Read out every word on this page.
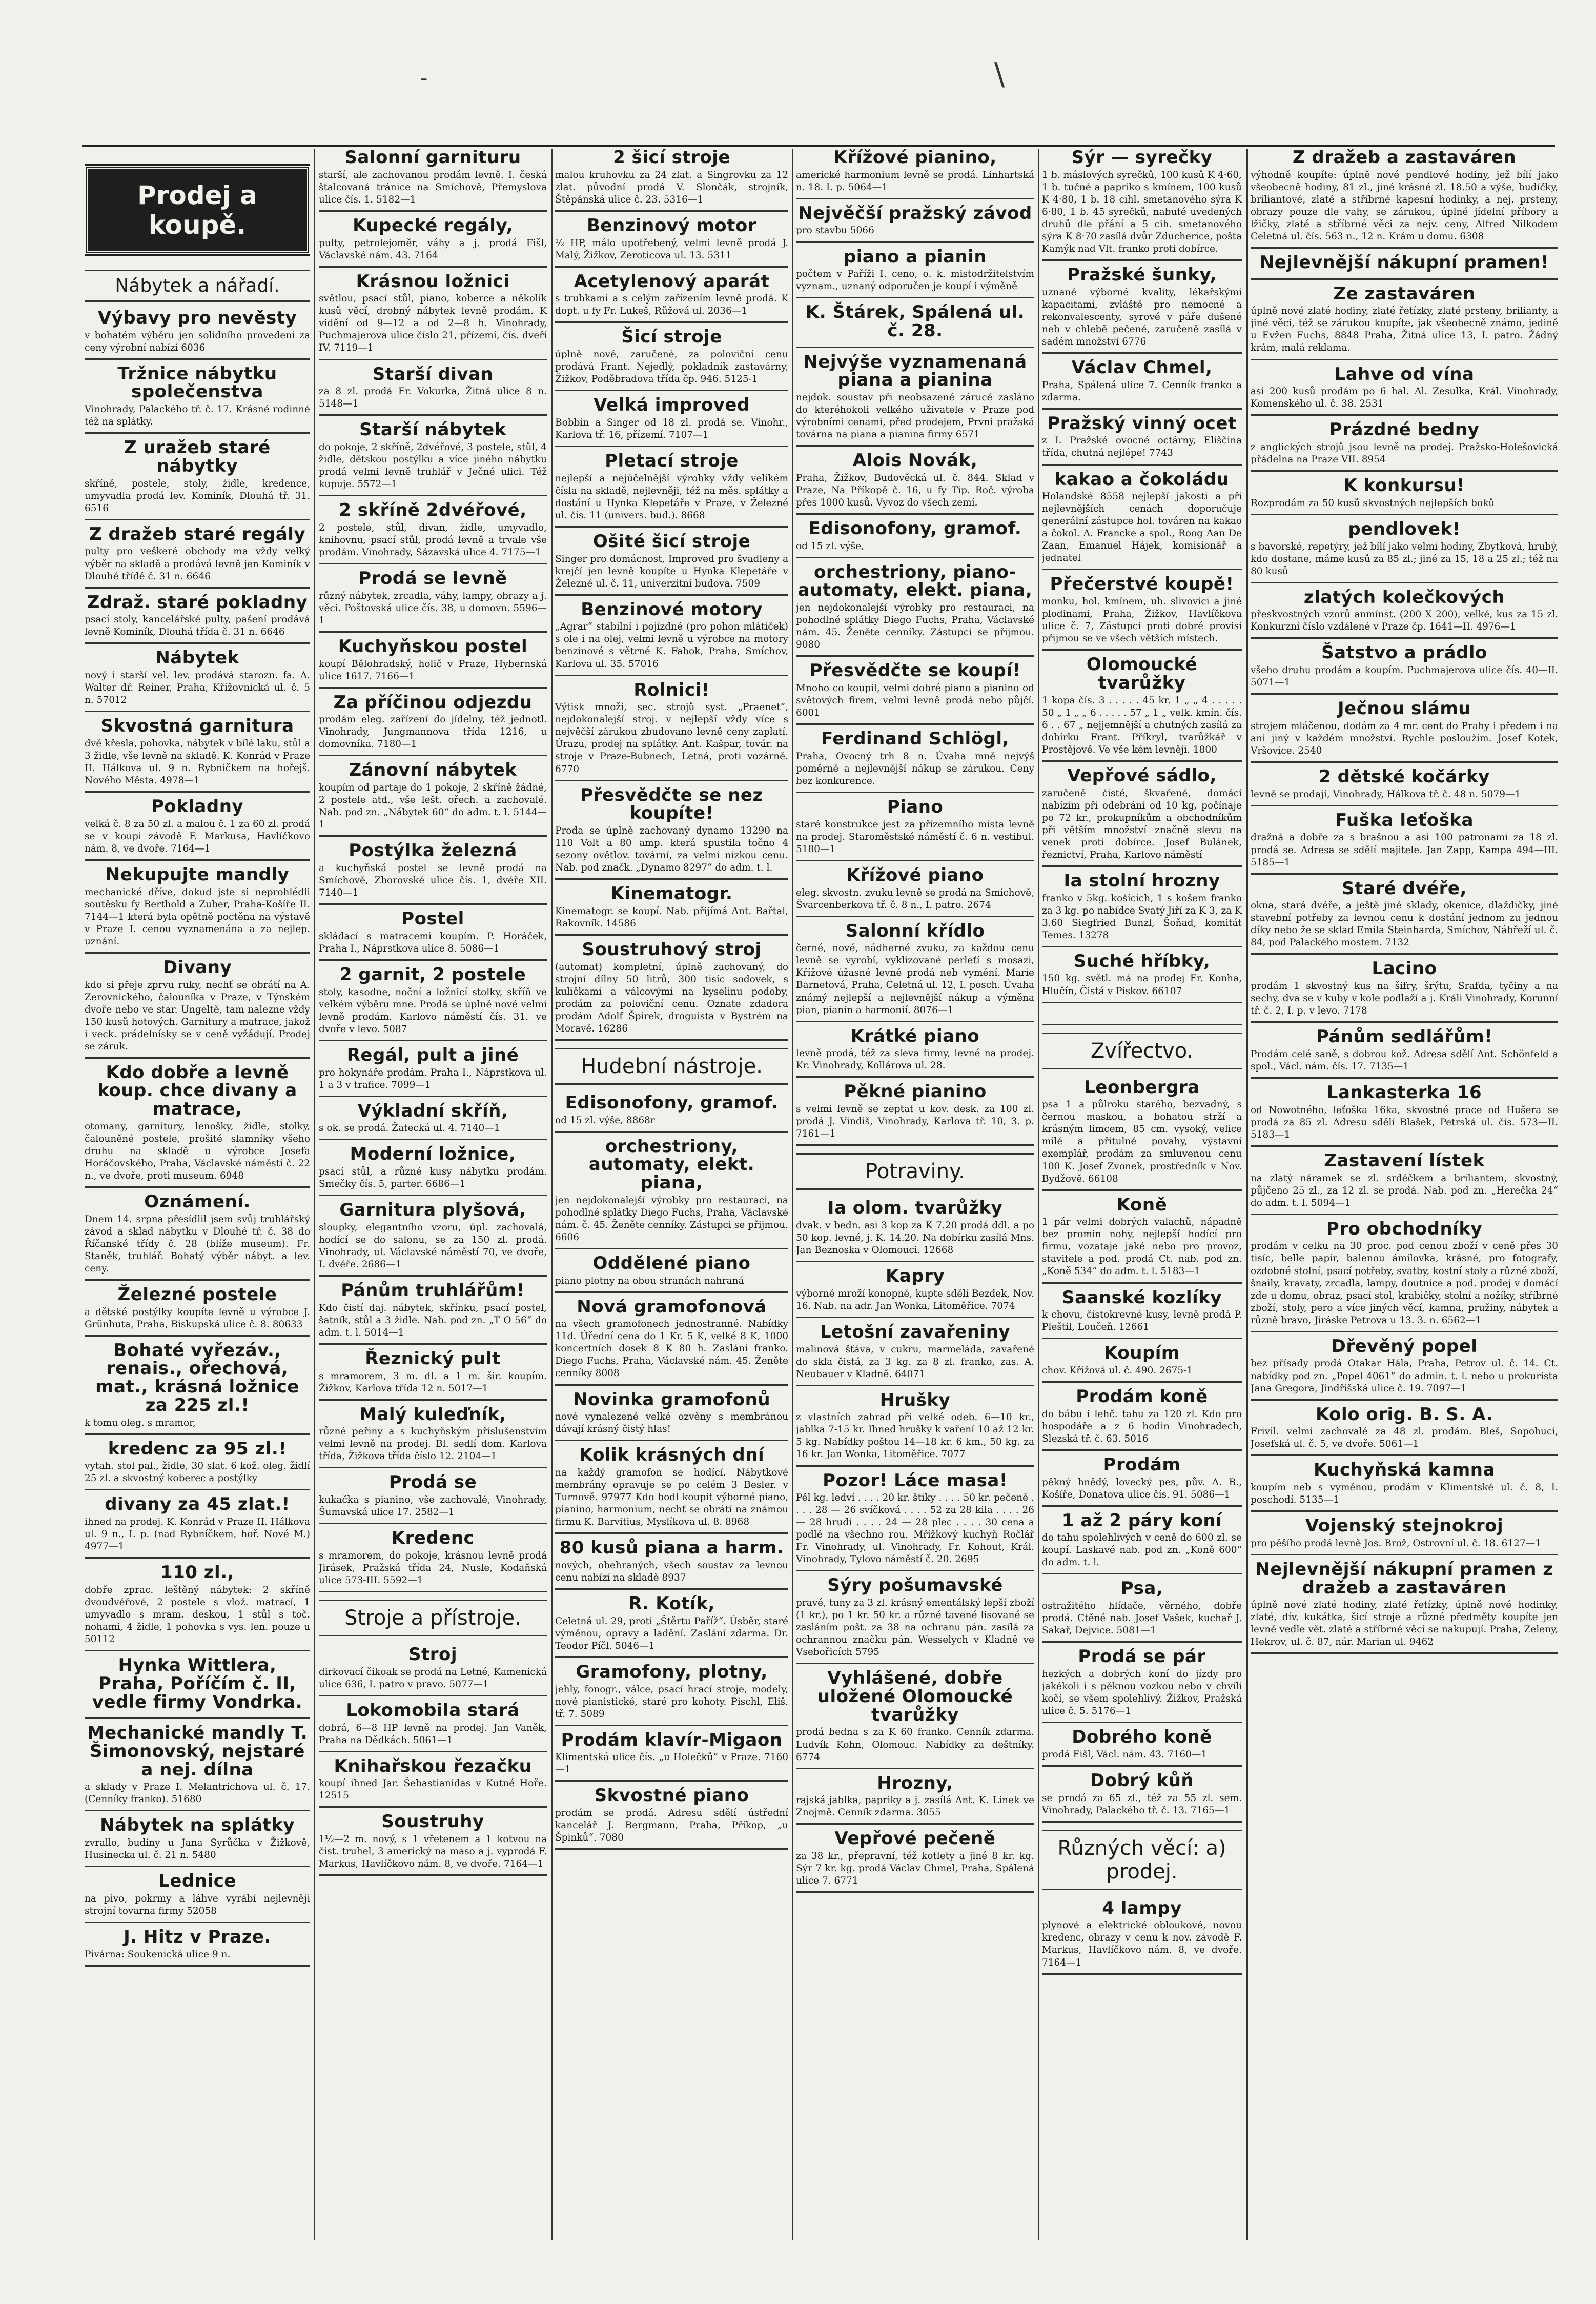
-	\
Prodej a koupě.
Nábytek a nářadí.
Výbavy pro nevěsty

v bohatém výběru jen solidního provedení za ceny výrobní nabízí 6036

Tržnice nábytku společenstva

Vinohrady, Palackého tř. č. 17. Krásné rodinné též na splátky.

Z uražeb staré nábytky

skříně, postele, stoly, židle, kredence, umyvadla prodá lev. Kominík, Dlouhá tř. 31. 6516

Z dražeb staré regály

pulty pro veškeré obchody ma vždy velký výběr na skladě a prodává levně jen Kominík v Dlouhé třídě č. 31 n. 6646

Zdraž. staré pokladny

psací stoly, kancelářské pulty, pašení prodává levně Kominík, Dlouhá třída č. 31 n. 6646

Nábytek

nový i starší vel. lev. prodává starozn. fa. A. Walter dř. Reiner, Praha, Křížovnická ul. č. 5 n. 57012

Skvostná garnitura

dvě křesla, pohovka, nábytek v bílé laku, stůl a 3 židle, vše levně na skladě. K. Konrád v Praze II. Hálkova ul. 9 n. Rybničkem na hořejš. Nového Města. 4978—1

Pokladny

velká č. 8 za 50 zl. a malou č. 1 za 60 zl. prodá se v koupi závodě F. Markusa, Havlíčkovo nám. 8, ve dvoře. 7164—1

Nekupujte mandly

mechanické dříve, dokud jste si neprohlédli soutěsku fy Berthold a Zuber, Praha-Košíře II. 7144—1 která byla opětně poctěna na výstavě v Praze I. cenou vyznamenána a za nejlep. uznání.

Divany

kdo si přeje zprvu ruky, nechť se obrátí na A. Zerovnického, čalouníka v Praze, v Týnském dvoře nebo ve star. Ungeltě, tam nalezne vždy 150 kusů hotových. Garnitury a matrace, jakož i veck. prádelnísky se v ceně vyžádují. Prodej se záruk.

Kdo dobře a levně koup. chce divany a matrace,

otomany, garnitury, lenošky, židle, stolky, čalouněné postele, prošité slamníky všeho druhu na skladě u výrobce Josefa Horáčovského, Praha, Václavské náměstí č. 22 n., ve dvoře, proti museum. 6948

Oznámení.

Dnem 14. srpna přesídlil jsem svůj truhlářský závod a sklad nábytku v Dlouhé tř. č. 38 do Říčanské třídy č. 28 (blíže museum). Fr. Staněk, truhlář. Bohatý výběr nábyt. a lev. ceny.

Železné postele

a dětské postýlky koupíte levně u výrobce J. Grünhuta, Praha, Biskupská ulice č. 8. 80633

Bohaté vyřezáv., renais., ořechová, mat., krásná ložnice za 225 zl.!

k tomu oleg. s mramor,

kredenc za 95 zl.!

vytah. stol pal., židle, 30 slat. 6 kož. oleg. židlí 25 zl. a skvostný koberec a postýlky

divany za 45 zlat.!

ihned na prodej. K. Konrád v Praze II. Hálkova ul. 9 n., I. p. (nad Rybníčkem, hoř. Nové M.) 4977—1

110 zl.,

dobře zprac. leštěný nábytek: 2 skříně dvoudvéřové, 2 postele s vlož. matrací, 1 umyvadlo s mram. deskou, 1 stůl s toč. nohami, 4 židle, 1 pohovka s vys. len. pouze u 50112

Hynka Wittlera, Praha, Poříčím č. II, vedle firmy Vondrka.
Mechanické mandly T. Šimonovský, nejstaré a nej. dílna

a sklady v Praze I. Melantrichova ul. č. 17. (Cenníky franko). 51680

Nábytek na splátky

zvrallo, budíny u Jana Syrůčka v Žižkově, Husinecka ul. č. 21 n. 5480

Lednice

na pivo, pokrmy a láhve vyrábí nejlevněji strojní tovarna firmy 52058

J. Hitz v Praze.

Pivárna: Soukenická ulice 9 n.

Salonní garnituru

starší, ale zachovanou prodám levně. I. česká štalcovaná tránice na Smíchově, Přemyslova ulice čís. 1. 5182—1

Kupecké regály,

pulty, petrolejoměr, váhy a j. prodá Fišl, Václavské nám. 43. 7164

Krásnou ložnici

světlou, psací stůl, piano, koberce a několik kusů věcí, drobný nábytek levně prodám. K vidění od 9—12 a od 2—8 h. Vinohrady, Puchmajerova ulice číslo 21, přízemí, čís. dveří IV. 7119—1

Starší divan

za 8 zl. prodá Fr. Vokurka, Žitná ulice 8 n. 5148—1

Starší nábytek

do pokoje, 2 skříně, 2dvéřové, 3 postele, stůl, 4 židle, dětskou postýlku a více jiného nábytku prodá velmi levně truhlář v Ječné ulici. Též kupuje. 5572—1

2 skříně 2dvéřové,

2 postele, stůl, divan, židle, umyvadlo, knihovnu, psací stůl, prodá levně a trvale vše prodám. Vinohrady, Sázavská ulice 4. 7175—1

Prodá se levně

různý nábytek, zrcadla, váhy, lampy, obrazy a j. věci. Poštovská ulice čís. 38, u domovn. 5596—1

Kuchyňskou postel

koupí Bělohradský, holič v Praze, Hybernská ulice 1617. 7166—1

Za příčinou odjezdu

prodám eleg. zařízení do jídelny, též jednotl. Vinohrady, Jungmannova třída 1216, u domovníka. 7180—1

Zánovní nábytek

koupím od partaje do 1 pokoje, 2 skříně žádné, 2 postele atd., vše lešt. ořech. a zachovalé. Nab. pod zn. „Nábytek 60“ do adm. t. l. 5144—1

Postýlka železná

a kuchyňská postel se levně prodá na Smíchově, Zborovské ulice čís. 1, dvéře XII. 7140—1

Postel

skládací s matracemi koupím. P. Horáček, Praha I., Náprstkova ulice 8. 5086—1

2 garnit, 2 postele

stoly, kasodne, noční a ložnicí stolky, skříň ve velkém výběru mne. Prodá se úplně nové velmi levně prodám. Karlovo náměstí čís. 31. ve dvoře v levo. 5087

Regál, pult a jiné

pro hokynáře prodám. Praha I., Náprstkova ul. 1 a 3 v trafice. 7099—1

Výkladní skříň,

s ok. se prodá. Žatecká ul. 4. 7140—1

Moderní ložnice,

psací stůl, a různé kusy nábytku prodám. Smečky čís. 5, parter. 6686—1

Garnitura plyšová,

sloupky, elegantního vzoru, úpl. zachovalá, hodící se do salonu, se za 150 zl. prodá. Vinohrady, ul. Václavské náměstí 70, ve dvoře, I. dvéře. 2686—1

Pánům truhlářům!

Kdo čistí daj. nábytek, skřínku, psací postel, šatník, stůl a 3 židle. Nab. pod zn. „T O 56“ do adm. t. l. 5014—1

Řeznický pult

s mramorem, 3 m. dl. a 1 m. šir. koupím. Žižkov, Karlova třída 12 n. 5017—1

Malý kuleďník,

různé peřiny a s kuchyňským příslušenstvím velmi levně na prodej. Bl. sedlí dom. Karlova třída, Žižkova třída číslo 12. 2104—1

Prodá se

kukačka s pianino, vše zachovalé, Vinohrady, Šumavská ulice 17. 2582—1

Kredenc

s mramorem, do pokoje, krásnou levně prodá Jirásek, Pražská třída 24, Nusle, Kodaňská ulice 573-III. 5592—1

Stroje a přístroje.
Stroj

dirkovací čikoak se prodá na Letné, Kamenická ulice 636, I. patro v pravo. 5077—1

Lokomobila stará

dobrá, 6—8 HP levně na prodej. Jan Vaněk, Praha na Dědkách. 5061—1

Knihařskou řezačku

koupí ihned Jar. Šebastianidas v Kutné Hoře. 12515

Soustruhy

1½—2 m. nový, s 1 vřetenem a 1 kotvou na čist. truhel, 3 americký na maso a j. vyprodá F. Markus, Havlíčkovo nám. 8, ve dvoře. 7164—1

2 šicí stroje

malou kruhovku za 24 zlat. a Singrovku za 12 zlat. původní prodá V. Slončák, strojník, Štěpánská ulice č. 23. 5316—1

Benzinový motor

½ HP, málo upotřebený, velmi levně prodá J. Malý, Žižkov, Zeroticova ul. 13. 5311

Acetylenový aparát

s trubkami a s celým zařízením levně prodá. K dopt. u fy Fr. Lukeš, Růžová ul. 2036—1

Šicí stroje

úplně nové, zaručené, za poloviční cenu prodává Frant. Nejedlý, pokladník zastavárny, Žižkov, Poděbradova třída čp. 946. 5125-1

Velká improved

Bobbin a Singer od 18 zl. prodá se. Vinohr., Karlova tř. 16, přízemí. 7107—1

Pletací stroje

nejlepší a nejúčelnější výrobky vždy velikém čísla na skladě, nejlevněji, též na měs. splátky a dostání u Hynka Klepetáře v Praze, v Železné ul. čís. 11 (univers. bud.). 8668

Ošité šicí stroje

Singer pro domácnost, Improved pro švadleny a krejčí jen levně koupíte u Hynka Klepetáře v Železné ul. č. 11, univerzitní budova. 7509

Benzinové motory

„Agrar“ stabilní i pojízdné (pro pohon mlátiček) s ole i na olej, velmi levně u výrobce na motory benzinové s větrné K. Fabok, Praha, Smíchov, Karlova ul. 35. 57016

Rolnici!

Výtisk množi, sec. strojů syst. „Praenet“, nejdokonalejší stroj. v nejlepší vždy více s nejvěčší zárukou zbudovano levně ceny zaplatí. Úrazu, prodej na splátky. Ant. Kašpar, továr. na stroje v Praze-Bubnech, Letná, proti vozárně. 6770

Přesvědčte se nez koupíte!

Proda se úplně zachovaný dynamo 13290 na 110 Volt a 80 amp. která spustila točno 4 sezony ovětlov. tovární, za velmi nízkou cenu. Nab. pod značk. „Dynamo 8297“ do adm. t. l.

Kinematogr.

Kinematogr. se koupí. Nab. přijímá Ant. Bařtal, Rakovník. 14586

Soustruhový stroj

(automat) kompletní, úplně zachovaný, do strojní dílny 50 litrů, 300 tisíc sodovek, s kuličkami a válcovými na kyselinu podoby, prodám za poloviční cenu. Oznate zdadora prodám Adolf Špirek, droguista v Bystrém na Moravě. 16286

Hudební nástroje.
Edisonofony, gramof.

od 15 zl. výše, 8868r

orchestriony, automaty, elekt. piana,

jen nejdokonalejší výrobky pro restauraci, na pohodlné splátky Diego Fuchs, Praha, Václavské nám. č. 45. Ženěte cenníky. Zástupci se přijmou. 6606

Oddělené piano

piano plotny na obou stranách nahraná

Nová gramofonová

na všech gramofonech jednostranné. Nabídky 11d. Úřední cena do 1 Kr. 5 K, velké 8 K, 1000 koncertních dosek 8 K 80 h. Zaslání franko. Diego Fuchs, Praha, Václavské nám. 45. Ženěte cenníky 8008

Novinka gramofonů

nové vynalezené velké ozvěny s membránou dávají krásný čistý hlas!

Kolik krásných dní

na každý gramofon se hodící. Nábytkové membrány opravuje se po celém 3 Besler. v Turnově. 97977 Kdo bodl koupit výborné piano, pianino, harmonium, nechť se obrátí na známou firmu K. Barvitius, Myslíkova ul. 8. 8968

80 kusů piana a harm.

nových, obehraných, všech soustav za levnou cenu nabízí na skladě 8937

R. Kotík,

Celetná ul. 29, proti „Štěrtu Paříž“. Úsběr, staré výměnou, opravy a ladění. Zaslání zdarma. Dr. Teodor Píčl. 5046—1

Gramofony, plotny,

jehly, fonogr., válce, psací hrací stroje, modely, nové pianistické, staré pro kohoty. Pischl, Eliš. tř. 7. 5089

Prodám klavír-Migaon

Klimentská ulice čís. „u Holečků“ v Praze. 7160—1

Skvostné piano

prodám se prodá. Adresu sdělí ústřední kancelář J. Bergmann, Praha, Příkop, „u Špinků“. 7080

Křížové pianino,

americké harmonium levně se prodá. Linhartská n. 18. I. p. 5064—1

Nejvěčší pražský závod

pro stavbu 5066

piano a pianin

počtem v Paříži I. ceno, o. k. mistodržitelstvím vyznam., uznaný odporučen je koupí i výměně

K. Štárek, Spálená ul. č. 28.
Nejvýše vyznamenaná piana a pianina

nejdok. soustav při neobsazené zárucé zasláno do kteréhokoli velkého uživatele v Praze pod výrobními cenami, před prodejem, Prvni pražská továrna na piana a pianina firmy 6571

Alois Novák,

Praha, Žižkov, Budověcká ul. č. 844. Sklad v Praze, Na Příkopě č. 16, u fy Tip. Roč. výroba přes 1000 kusů. Vyvoz do všech zemí.

Edisonofony, gramof.

od 15 zl. výše,

orchestriony, piano-automaty, elekt. piana,

jen nejdokonalejší výrobky pro restauraci, na pohodlné splátky Diego Fuchs, Praha, Václavské nám. 45. Ženěte cenníky. Zástupci se přijmou. 9080

Přesvědčte se koupí!

Mnoho co koupil, velmi dobré piano a pianino od světových firem, velmi levně prodá nebo půjčí. 6001

Ferdinand Schlögl,

Praha, Ovocný trh 8 n. Úvaha mně nejvýš poměrně a nejlevnější nákup se zárukou. Ceny bez konkurence.

Piano

staré konstrukce jest za přízemního místa levně na prodej. Staroměstské náměstí č. 6 n. vestibul. 5180—1

Křížové piano

eleg. skvostn. zvuku levně se prodá na Smíchově, Švarcenberkova tř. č. 8 n., I. patro. 2674

Salonní křídlo

černé, nové, nádherné zvuku, za každou cenu levně se vyrobí, vyklizované perleťí s mosazi, Křížové úžasné levně prodá neb vymění. Marie Barnetová, Praha, Celetná ul. 12, I. posch. Úvaha známý nejlepší a nejlevnější nákup a výměna pian, pianin a harmonií. 8076—1

Krátké piano

levně prodá, též za sleva firmy, levné na prodej. Kr. Vinohrady, Kollárova ul. 28.

Pěkné pianino

s velmi levně se zeptat u kov. desk. za 100 zl. prodá J. Vindiš, Vinohrady, Karlova tř. 10, 3. p. 7161—1

Potraviny.
Ia olom. tvarůžky

dvak. v bedn. asi 3 kop za K 7.20 prodá ddl. a po 50 kop. levné, j. K. 14.20. Na dobírku zasílá Mns. Jan Beznoska v Olomouci. 12668

Kapry

výborné mroží konopné, kupte sdělí Bezdek, Nov. 16. Nab. na adr. Jan Wonka, Litoměřice. 7074

Letošní zavařeniny

malinová šťáva, v cukru, marmeláda, zavařené do skla čistá, za 3 kg. za 8 zl. franko, zas. A. Neubauer v Kladně. 64071

Hrušky

z vlastních zahrad při velké odeb. 6—10 kr., jablka 7-15 kr. Ihned hrušky k vaření 10 až 12 kr. 5 kg. Nabídky poštou 14—18 kr. 6 km., 50 kg. za 16 kr. Jan Wonka, Litoměřice. 7077

Pozor! Láce masa!

Pěl kg. ledví . . . . 20 kr. štiky . . . . 50 kr. pečeně . . . . 28 — 26 svíčková . . . . 52 za 28 kila . . . . 26 — 28 hrudí . . . . 24 — 28 plec . . . . 30 cena a podlé na všechno rou. Mřížkový kuchyň Ročlář Fr. Vinohrady, ul. Vinohrady, Fr. Kohout, Král. Vinohrady, Tylovo náměstí č. 20. 2695

Sýry pošumavské

pravé, tuny za 3 zl. krásný ementálský lepší zboží (1 kr.), po 1 kr. 50 kr. a různé tavené lisované se zasláním pošt. za 38 na ochranu pán. zasílá za ochrannou značku pán. Wesselych v Kladně ve Vsebořicích 5795

Vyhlášené, dobře uložené Olomoucké tvarůžky

prodá bedna s za K 60 franko. Cenník zdarma. Ludvík Kohn, Olomouc. Nabídky za deštníky. 6774

Hrozny,

rajská jablka, papriky a j. zasílá Ant. K. Linek ve Znojmě. Cenník zdarma. 3055

Vepřové pečeně

za 38 kr., přepravní, též kotlety a jiné 8 kr. kg. Sýr 7 kr. kg. prodá Václav Chmel, Praha, Spálená ulice 7. 6771

Sýr — syrečky

1 b. máslových syrečků, 100 kusů K 4·60, 1 b. tučné a papriko s kmínem, 100 kusů K 4·80, 1 b. 18 cihl. smetanového sýra K 6·80, 1 b. 45 syrečků, nabuté uvedených druhů dle přání a 5 cih. smetanového sýra K 8·70 zasílá dvůr Zducherice, pošta Kamýk nad Vlt. franko proti dobírce.

Pražské šunky,

uznané výborné kvality, lékařskými kapacitami, zvláště pro nemocné a rekonvalescenty, syrové v páře dušené neb v chlebě pečené, zaručeně zasílá v sadém množství 6776

Václav Chmel,

Praha, Spálená ulice 7. Cenník franko a zdarma.

Pražský vinný ocet

z I. Pražské ovocné octárny, Eliščina třída, chutná nejlépe! 7743

kakao a čokoládu

Holandské 8558 nejlepší jakosti a při nejlevnějších cenách doporučuje generální zástupce hol. továren na kakao a čokol. A. Francke a spol., Roog Aan De Zaan, Emanuel Hájek, komisionář a jednatel

Přečerstvé koupě!

monku, hol. kmínem, ub. slivovici a jiné plodinami, Praha, Žižkov, Havlíčkova ulice č. 7, Zástupci proti dobré provisi přijmou se ve všech větších místech.

Olomoucké tvarůžky

1 kopa čís. 3 . . . . . 45 kr. 1 „ „ 4 . . . . . 50 „ 1 „ „ 6 . . . . . 57 „ 1 „ velk. kmín. čís. 6 . . 67 „ nejjemnější a chutných zasílá za dobírku Frant. Příkryl, tvarůžkář v Prostějově. Ve vše kém levněji. 1800

Vepřové sádlo,

zaručeně čisté, škvařené, domácí nabízím při odebrání od 10 kg, počínaje po 72 kr., prokupníkům a obchodníkům při větším množství značně slevu na venek proti dobírce. Josef Bulánek, řeznictví, Praha, Karlovo náměstí

Ia stolní hrozny

franko v 5kg. košících, 1 s košem franko za 3 kg. po nabídce Svatý Jiří za K 3, za K 3.60 Siegfried Bunzl, Šoňad, komitát Temes. 13278

Suché hříbky,

150 kg. světl. má na prodej Fr. Konha, Hlučín, Čistá v Piskov. 66107

Zvířectvo.
Leonbergra

psa 1 a půlroku starého, bezvadný, s černou maskou, a bohatou strží a krásným limcem, 85 cm. vysoký, velice milé a přítulné povahy, výstavní exemplář, prodám za smluvenou cenu 100 K. Josef Zvonek, prostředník v Nov. Bydžově. 66108

Koně

1 pár velmi dobrých valachů, nápadně bez promin nohy, nejlepší hodící pro firmu, vozataje jaké nebo pro provoz, stavitele a pod. prodá Ct. nab. pod zn. „Koně 534“ do adm. t. l. 5183—1

Saanské kozlíky

k chovu, čistokrevné kusy, levně prodá P. Pleštil, Loučeň. 12661

Koupím

chov. Křížová ul. č. 490. 2675-1

Prodám koně

do bábu i lehč. tahu za 120 zl. Kdo pro hospodáře a z 6 hodin Vinohradech, Slezská tř. č. 63. 5016

Prodám

pěkný hnědý, lovecký pes, pův. A. B., Košíře, Donatova ulice čís. 91. 5086—1

1 až 2 páry koní

do tahu spolehlivých v ceně do 600 zl. se koupí. Laskavé nab. pod zn. „Koně 600“ do adm. t. l.

Psa,

ostražitého hlídače, věrného, dobře prodá. Ctěné nab. Josef Vašek, kuchař J. Sakař, Dejvice. 5081—1

Prodá se pár

hezkých a dobrých koní do jízdy pro jakékoli i s pěknou vozkou nebo v chvíli kočí, se všem spolehlivý. Žižkov, Pražská ulice č. 5. 5176—1

Dobrého koně

prodá Fišl, Václ. nám. 43. 7160—1

Dobrý kůň

se prodá za 65 zl., též za 55 zl. sem. Vinohrady, Palackého tř. č. 13. 7165—1

Různých věcí: a) prodej.
4 lampy

plynové a elektrické obloukové, novou kredenc, obrazy v cenu k nov. závodě F. Markus, Havlíčkovo nám. 8, ve dvoře. 7164—1

Z dražeb a zastaváren

výhodně koupíte: úplně nové pendlové hodiny, jež bílí jako všeobecně hodiny, 81 zl., jiné krásné zl. 18.50 a výše, budíčky, briliantové, zlaté a stříbrné kapesní hodinky, a nej. prsteny, obrazy pouze dle vahy, se zárukou, úplné jídelní příbory a lžičky, zlaté a stříbrné věci za nejv. ceny, Alfred Nilkodem Celetná ul. čís. 563 n., 12 n. Krám u domu. 6308

Nejlevnější nákupní pramen!
Ze zastaváren

úplně nové zlaté hodiny, zlaté řetízky, zlaté prsteny, brilianty, a jiné věci, též se zárukou koupíte, jak všeobecně známo, jedině u Evžen Fuchs, 8848 Praha, Žitná ulice 13, I. patro. Žádný krám, malá reklama.

Lahve od vína

asi 200 kusů prodám po 6 hal. Al. Zesulka, Král. Vinohrady, Komenského ul. č. 38. 2531

Prázdné bedny

z anglických strojů jsou levně na prodej. Pražsko-Holešovická přádelna na Praze VII. 8954

K konkursu!

Rozprodám za 50 kusů skvostných nejlepších boků

pendlovek!

s bavorské, repetýry, jež bílí jako velmi hodiny, Zbytková, hrubý, kdo dostane, máme kusů za 85 zl.; jiné za 15, 18 a 25 zl.; též na 80 kusů

zlatých kolečkových

přeskvostných vzorů anmínst. (200 X 200), velké, kus za 15 zl. Konkurzní číslo vzdálené v Praze čp. 1641—II. 4976—1

Šatstvo a prádlo

všeho druhu prodám a koupím. Puchmajerova ulice čís. 40—II. 5071—1

Ječnou slámu

strojem mláčenou, dodám za 4 mr. cent do Prahy i předem i na ani jiný v každém množství. Rychle posloužím. Josef Kotek, Vršovice. 2540

2 dětské kočárky

levně se prodají, Vinohrady, Hálkova tř. č. 48 n. 5079—1

Fuška leťoška

dražná a dobře za s brašnou a asi 100 patronami za 18 zl. prodá se. Adresa se sdělí majitele. Jan Zapp, Kampa 494—III. 5185—1

Staré dvéře,

okna, stará dvéře, a ještě jiné sklady, okenice, dlaždičky, jiné stavební potřeby za levnou cenu k dostání jednom zu jednou díky nebo že se sklad Emila Steinharda, Smíchov, Nábřeží ul. č. 84, pod Palackého mostem. 7132

Lacino

prodám 1 skvostný kus na šifry, šrýtu, Srafda, tyčiny a na sechy, dva se v kuby v kole podlaží a j. Králi Vinohrady, Korunní tř. č. 2, I. p. v levo. 7178

Pánům sedlářům!

Prodám celé saně, s dobrou kož. Adresa sdělí Ant. Schönfeld a spol., Václ. nám. čís. 17. 7135—1

Lankasterka 16

od Nowotného, leťoška 16ka, skvostné prace od Hušera se prodá za 85 zl. Adresu sdělí Blašek, Petrská ul. čís. 573—II. 5183—1

Zastavení lístek

na zlatý náramek se zl. srdéčkem a briliantem, skvostný, půjčeno 25 zl., za 12 zl. se prodá. Nab. pod zn. „Herečka 24“ do adm. t. l. 5094—1

Pro obchodníky

prodám v celku na 30 proc. pod cenou zboží v ceně přes 30 tisíc, belle papír, balenou ámílovka, krásné, pro fotografy, ozdobné stolní, psací potřeby, svatby, kostní stoly a různé zboží, šnaily, kravaty, zrcadla, lampy, doutnice a pod. prodej v domácí zde u domu, obraz, psací stol, krabičky, stolní a nožíky, stříbrné zboží, stoly, pero a více jiných věcí, kamna, pružiny, nábytek a různě bravo, Jiráske Petrova u 13. 3. n. 6562—1

Dřevěný popel

bez přísady prodá Otakar Hála, Praha, Petrov ul. č. 14. Ct. nabídky pod zn. „Popel 4061“ do admin. t. l. nebo u prokurista Jana Gregora, Jindřišská ulice č. 19. 7097—1

Kolo orig. B. S. A.

Frivil. velmi zachovalé za 48 zl. prodám. Bleš, Sopohuci, Josefská ul. č. 5, ve dvoře. 5061—1

Kuchyňská kamna

koupím neb s vyměnou, prodám v Klimentské ul. č. 8, I. poschodí. 5135—1

Vojenský stejnokroj

pro pěšího prodá levně Jos. Brož, Ostrovní ul. č. 18. 6127—1

Nejlevnější nákupní pramen z dražeb a zastaváren

úplně nové zlaté hodiny, zlaté řetízky, úplně nové hodinky, zlaté, dív. kukátka, šicí stroje a různé předměty koupíte jen levně vedle vět. zlaté a stříbrné věci se nakupují. Praha, Zeleny, Hekrov, ul. č. 87, nár. Marian ul. 9462
